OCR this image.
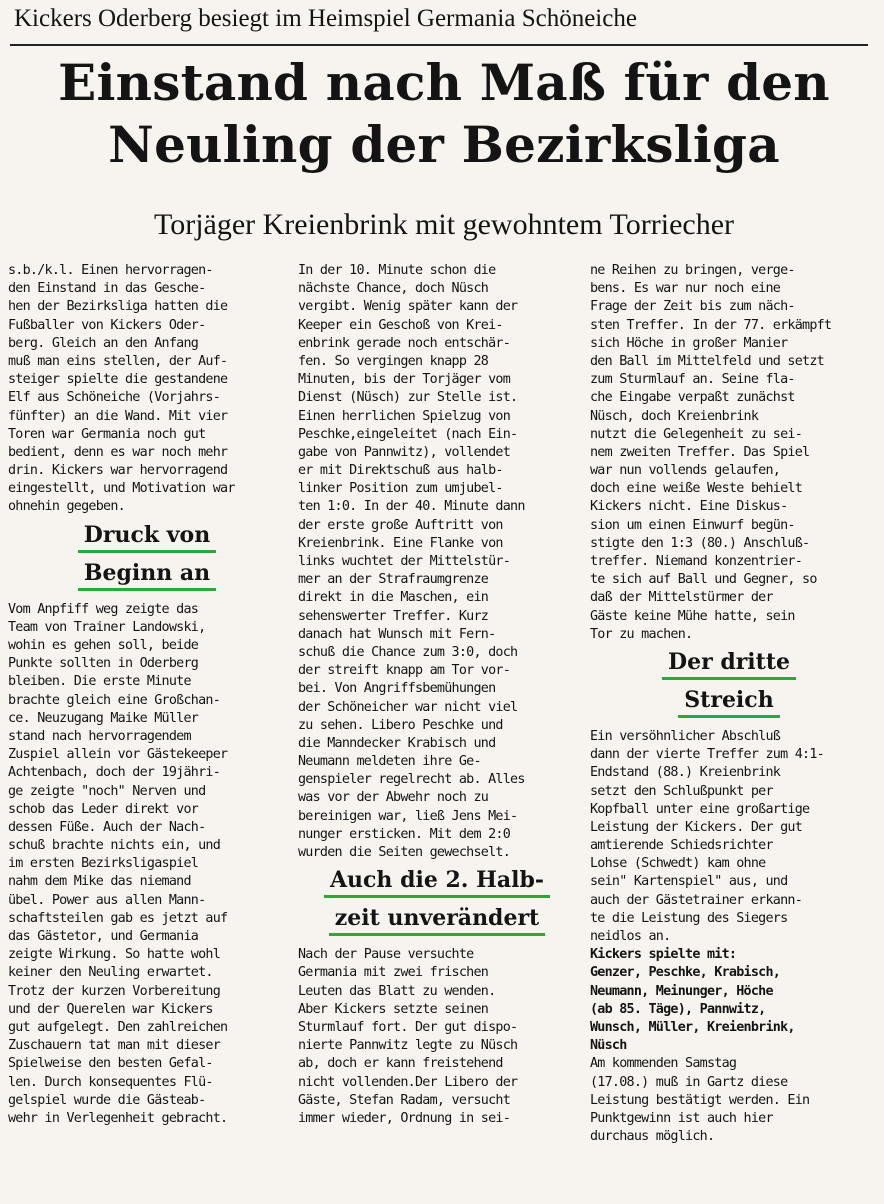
Kickers Oderberg besiegt im Heimspiel Germania Schöneiche
Einstand nach Maß für den
Neuling der Bezirksliga
Torjäger Kreienbrink mit gewohntem Torriecher
s.b./k.l. Einen hervorragen-
den Einstand in das Gesche-
hen der Bezirksliga hatten die
Fußballer von Kickers Oder-
berg. Gleich an den Anfang
muß man eins stellen, der Auf-
steiger spielte die gestandene
Elf aus Schöneiche (Vorjahrs-
fünfter) an die Wand. Mit vier
Toren war Germania noch gut
bedient, denn es war noch mehr
drin. Kickers war hervorragend
eingestellt, und Motivation war
ohnehin gegeben.
Druck von
Beginn an
Vom Anpfiff weg zeigte das
Team von Trainer Landowski,
wohin es gehen soll, beide
Punkte sollten in Oderberg
bleiben. Die erste Minute
brachte gleich eine Großchan-
ce. Neuzugang Maike Müller
stand nach hervorragendem
Zuspiel allein vor Gästekeeper
Achtenbach, doch der 19jähri-
ge zeigte "noch" Nerven und
schob das Leder direkt vor
dessen Füße. Auch der Nach-
schuß brachte nichts ein, und
im ersten Bezirksligaspiel
nahm dem Mike das niemand
übel. Power aus allen Mann-
schaftsteilen gab es jetzt auf
das Gästetor, und Germania
zeigte Wirkung. So hatte wohl
keiner den Neuling erwartet.
Trotz der kurzen Vorbereitung
und der Querelen war Kickers
gut aufgelegt. Den zahlreichen
Zuschauern tat man mit dieser
Spielweise den besten Gefal-
len. Durch konsequentes Flü-
gelspiel wurde die Gästeab-
wehr in Verlegenheit gebracht.
In der 10. Minute schon die
nächste Chance, doch Nüsch
vergibt. Wenig später kann der
Keeper ein Geschoß von Krei-
enbrink gerade noch entschär-
fen. So vergingen knapp 28
Minuten, bis der Torjäger vom
Dienst (Nüsch) zur Stelle ist.
Einen herrlichen Spielzug von
Peschke,eingeleitet (nach Ein-
gabe von Pannwitz), vollendet
er mit Direktschuß aus halb-
linker Position zum umjubel-
ten 1:0. In der 40. Minute dann
der erste große Auftritt von
Kreienbrink. Eine Flanke von
links wuchtet der Mittelstür-
mer an der Strafraumgrenze
direkt in die Maschen, ein
sehenswerter Treffer. Kurz
danach hat Wunsch mit Fern-
schuß die Chance zum 3:0, doch
der streift knapp am Tor vor-
bei. Von Angriffsbemühungen
der Schöneicher war nicht viel
zu sehen. Libero Peschke und
die Manndecker Krabisch und
Neumann meldeten ihre Ge-
genspieler regelrecht ab. Alles
was vor der Abwehr noch zu
bereinigen war, ließ Jens Mei-
nunger ersticken. Mit dem 2:0
wurden die Seiten gewechselt.
Auch die 2. Halb-
zeit unverändert
Nach der Pause versuchte
Germania mit zwei frischen
Leuten das Blatt zu wenden.
Aber Kickers setzte seinen
Sturmlauf fort. Der gut dispo-
nierte Pannwitz legte zu Nüsch
ab, doch er kann freistehend
nicht vollenden.Der Libero der
Gäste, Stefan Radam, versucht
immer wieder, Ordnung in sei-
ne Reihen zu bringen, verge-
bens. Es war nur noch eine
Frage der Zeit bis zum näch-
sten Treffer. In der 77. erkämpft
sich Höche in großer Manier
den Ball im Mittelfeld und setzt
zum Sturmlauf an. Seine fla-
che Eingabe verpaßt zunächst
Nüsch, doch Kreienbrink
nutzt die Gelegenheit zu sei-
nem zweiten Treffer. Das Spiel
war nun vollends gelaufen,
doch eine weiße Weste behielt
Kickers nicht. Eine Diskus-
sion um einen Einwurf begün-
stigte den 1:3 (80.) Anschluß-
treffer. Niemand konzentrier-
te sich auf Ball und Gegner, so
daß der Mittelstürmer der
Gäste keine Mühe hatte, sein
Tor zu machen.
Der dritte
Streich
Ein versöhnlicher Abschluß
dann der vierte Treffer zum 4:1-
Endstand (88.) Kreienbrink
setzt den Schlußpunkt per
Kopfball unter eine großartige
Leistung der Kickers. Der gut
amtierende Schiedsrichter
Lohse (Schwedt) kam ohne
sein" Kartenspiel" aus, und
auch der Gästetrainer erkann-
te die Leistung des Siegers
neidlos an.
Kickers spielte mit:
Genzer, Peschke, Krabisch,
Neumann, Meinunger, Höche
(ab 85. Täge), Pannwitz,
Wunsch, Müller, Kreienbrink,
Nüsch
Am kommenden Samstag
(17.08.) muß in Gartz diese
Leistung bestätigt werden. Ein
Punktgewinn ist auch hier
durchaus möglich.
